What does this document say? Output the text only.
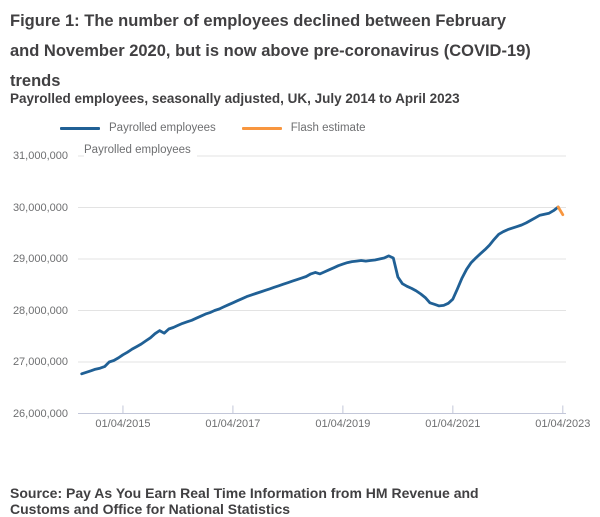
Figure 1: The number of employees declined between February
and November 2020, but is now above pre-coronavirus (COVID-19)
trends
Payrolled employees, seasonally adjusted, UK, July 2014 to April 2023
Payrolled employees	Flash estimate
Payrolled employees
26,000,000
27,000,000
28,000,000
29,000,000
30,000,000
31,000,000
01/04/2015	01/04/2017	01/04/2019	01/04/2021	01/04/2023
Source: Pay As You Earn Real Time Information from HM Revenue and
Customs and Office for National Statistics
